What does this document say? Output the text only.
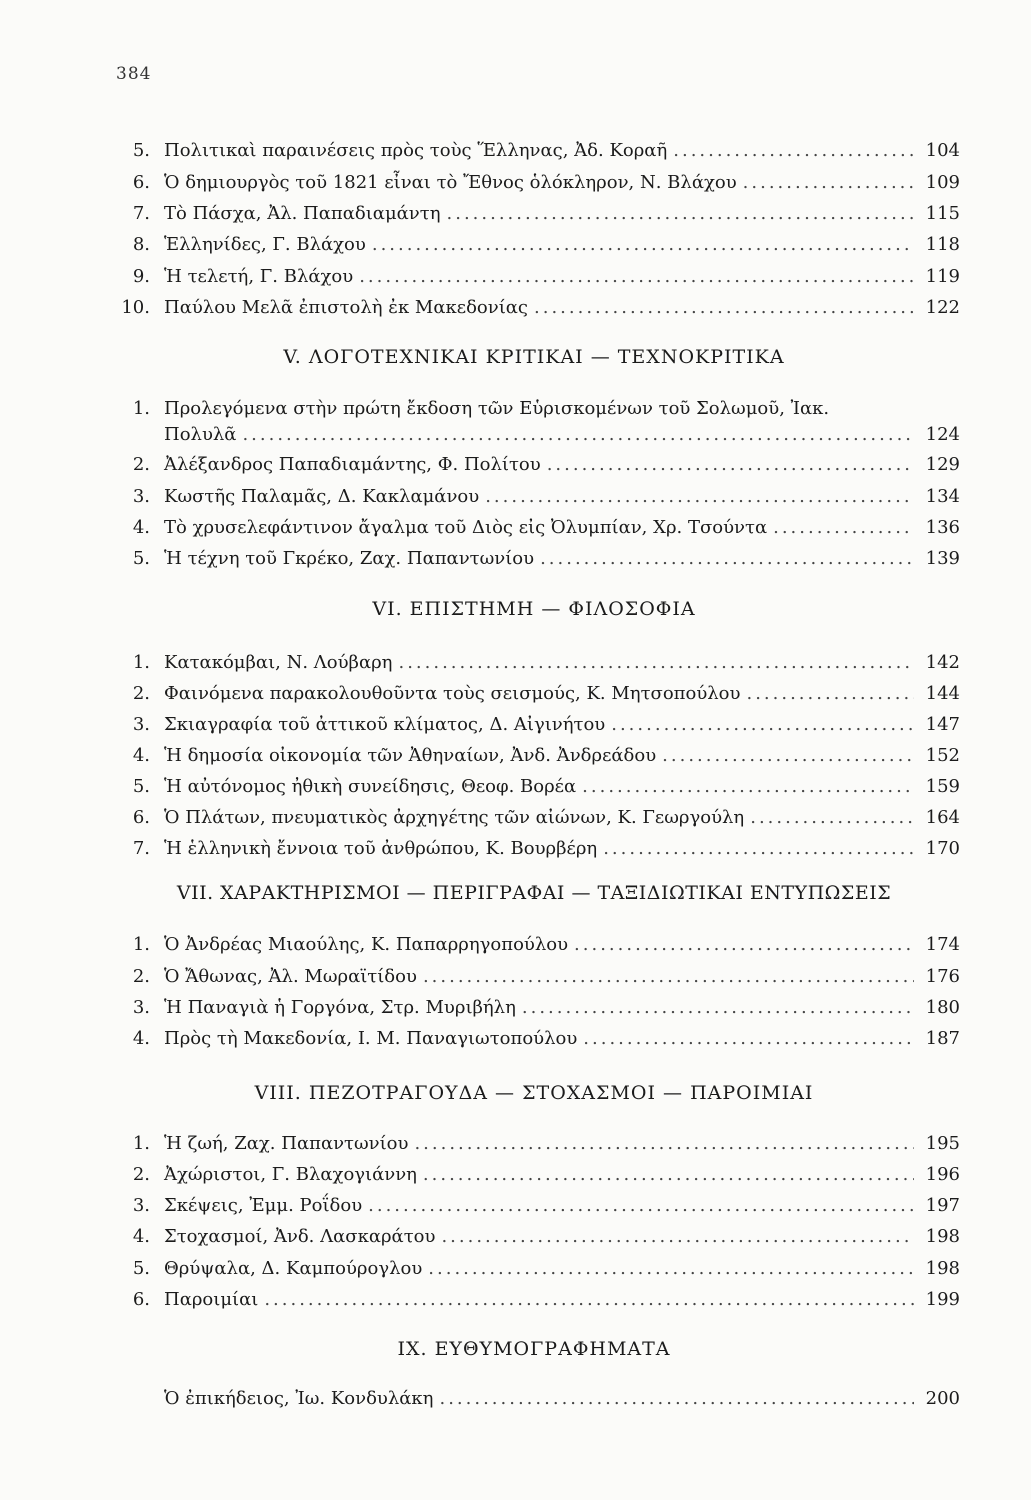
384
5. Πολιτικαὶ παραινέσεις πρὸς τοὺς Ἕλληνας, Ἀδ. Κοραῆ .....	104
6. Ὁ δημιουργὸς τοῦ 1821 εἶναι τὸ Ἔθνος ὁλόκληρον, Ν. Βλάχου .....	109
7. Τὸ Πάσχα, Ἀλ. Παπαδιαμάντη .....	115
8. Ἑλληνίδες, Γ. Βλάχου .....	118
9. Ἡ τελετή, Γ. Βλάχου .....	119
10. Παύλου Μελᾶ ἐπιστολὴ ἐκ Μακεδονίας .....	122
V. ΛΟΓΟΤΕΧΝΙΚΑΙ ΚΡΙΤΙΚΑΙ — ΤΕΧΝΟΚΡΙΤΙΚΑ
1. Προλεγόμενα στὴν πρώτη ἔκδοση τῶν Εὑρισκομένων τοῦ Σολωμοῦ, Ἰακ.
Πολυλᾶ .....	124
2. Ἀλέξανδρος Παπαδιαμάντης, Φ. Πολίτου .....	129
3. Κωστῆς Παλαμᾶς, Δ. Κακλαμάνου .....	134
4. Τὸ χρυσελεφάντινον ἄγαλμα τοῦ Διὸς εἰς Ὀλυμπίαν, Χρ. Τσούντα .....	136
5. Ἡ τέχνη τοῦ Γκρέκο, Ζαχ. Παπαντωνίου .....	139
VI. ΕΠΙΣΤΗΜΗ — ΦΙΛΟΣΟΦΙΑ
1. Κατακόμβαι, Ν. Λούβαρη .....	142
2. Φαινόμενα παρακολουθοῦντα τοὺς σεισμούς, Κ. Μητσοπούλου .....	144
3. Σκιαγραφία τοῦ ἀττικοῦ κλίματος, Δ. Αἰγινήτου .....	147
4. Ἡ δημοσία οἰκονομία τῶν Ἀθηναίων, Ἀνδ. Ἀνδρεάδου .....	152
5. Ἡ αὐτόνομος ἠθικὴ συνείδησις, Θεοφ. Βορέα .....	159
6. Ὁ Πλάτων, πνευματικὸς ἀρχηγέτης τῶν αἰώνων, Κ. Γεωργούλη .....	164
7. Ἡ ἑλληνικὴ ἔννοια τοῦ ἀνθρώπου, Κ. Βουρβέρη .....	170
VII. ΧΑΡΑΚΤΗΡΙΣΜΟΙ — ΠΕΡΙΓΡΑΦΑΙ — ΤΑΞΙΔΙΩΤΙΚΑΙ ΕΝΤΥΠΩΣΕΙΣ
1. Ὁ Ἀνδρέας Μιαούλης, Κ. Παπαρρηγοπούλου .....	174
2. Ὁ Ἄθωνας, Ἀλ. Μωραϊτίδου .....	176
3. Ἡ Παναγιὰ ἡ Γοργόνα, Στρ. Μυριβήλη .....	180
4. Πρὸς τὴ Μακεδονία, Ι. Μ. Παναγιωτοπούλου .....	187
VIII. ΠΕΖΟΤΡΑΓΟΥΔΑ — ΣΤΟΧΑΣΜΟΙ — ΠΑΡΟΙΜΙΑΙ
1. Ἡ ζωή, Ζαχ. Παπαντωνίου .....	195
2. Ἀχώριστοι, Γ. Βλαχογιάννη .....	196
3. Σκέψεις, Ἐμμ. Ροΐδου .....	197
4. Στοχασμοί, Ἀνδ. Λασκαράτου .....	198
5. Θρύψαλα, Δ. Καμπούρογλου .....	198
6. Παροιμίαι .....	199
IX. ΕΥΘΥΜΟΓΡΑΦΗΜΑΤΑ
Ὁ ἐπικήδειος, Ἰω. Κονδυλάκη .....	200
